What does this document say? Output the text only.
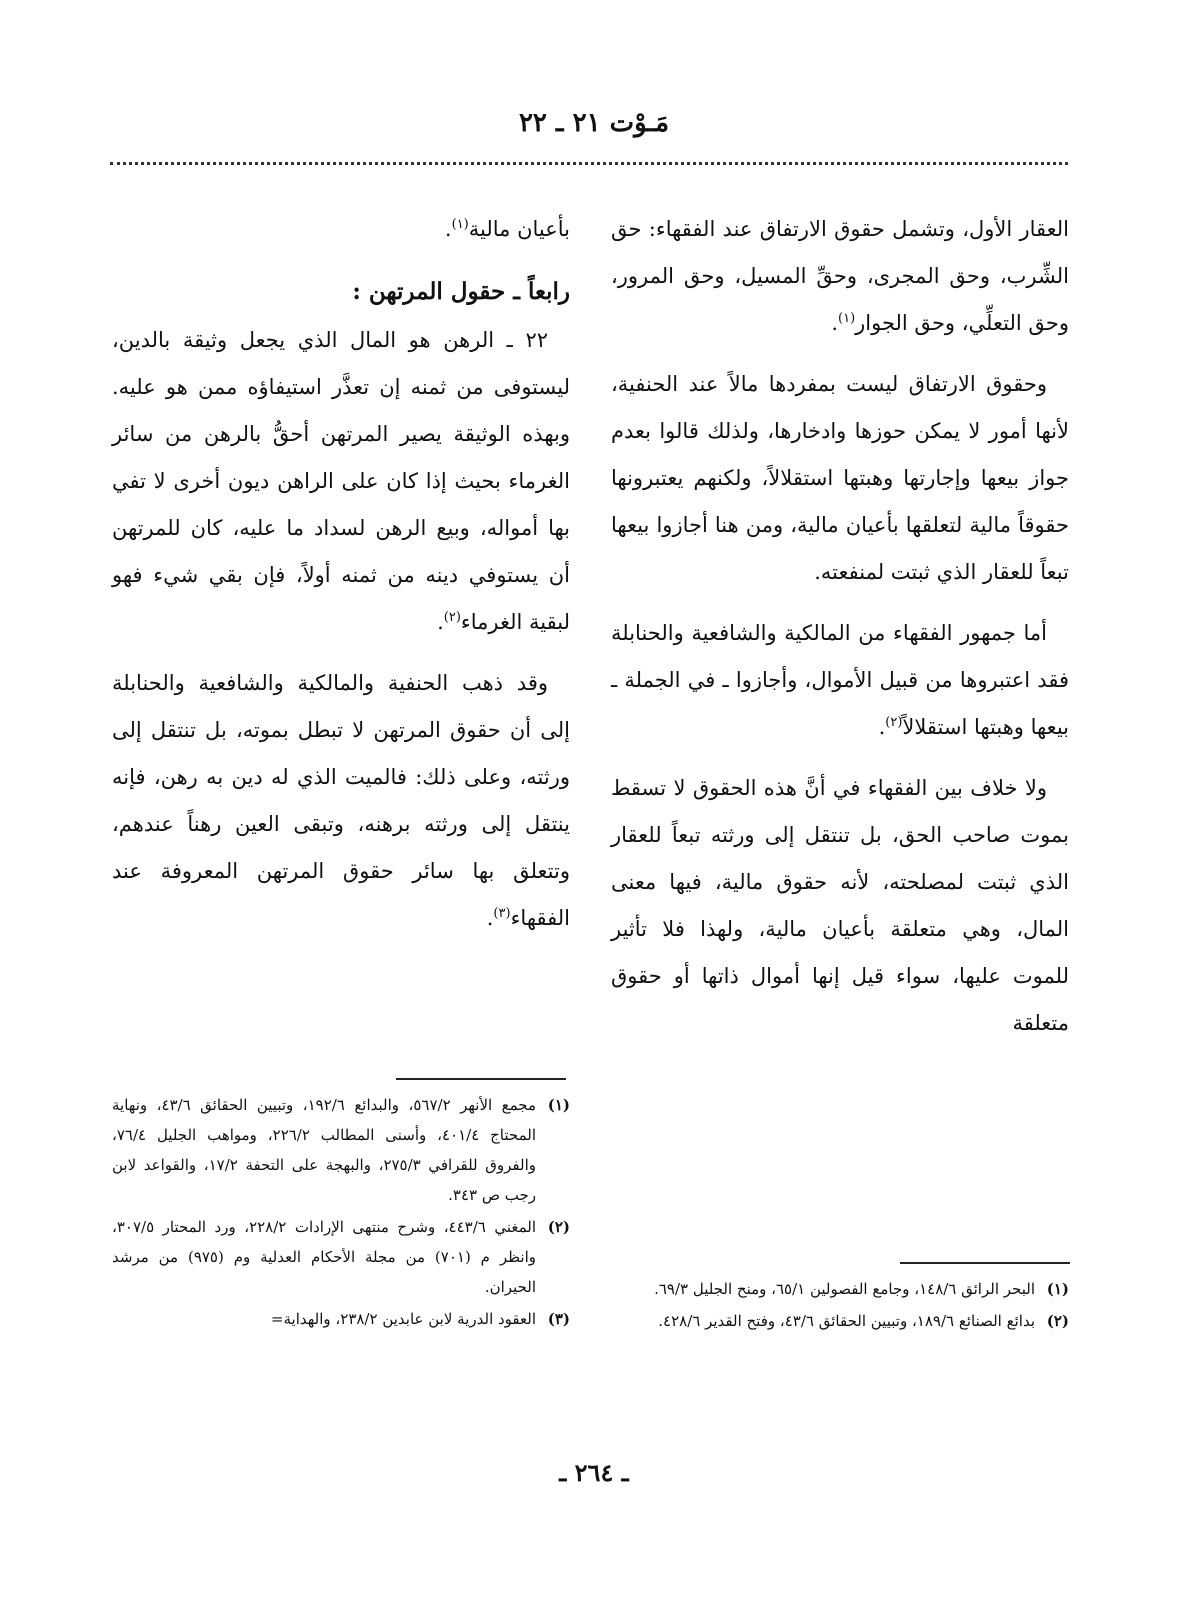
مَـوْت ٢١ ـ ٢٢

العقار الأول، وتشمل حقوق الارتفاق عند الفقهاء: حق الشِّرب، وحق المجرى، وحقِّ المسيل، وحق المرور، وحق التعلِّي، وحق الجوار$^{(١)}$.

وحقوق الارتفاق ليست بمفردها مالاً عند الحنفية، لأنها أمور لا يمكن حوزها وادخارها، ولذلك قالوا بعدم جواز بيعها وإجارتها وهبتها استقلالاً، ولكنهم يعتبرونها حقوقاً مالية لتعلقها بأعيان مالية، ومن هنا أجازوا بيعها تبعاً للعقار الذي ثبتت لمنفعته.

أما جمهور الفقهاء من المالكية والشافعية والحنابلة فقد اعتبروها من قبيل الأموال، وأجازوا ـ في الجملة ـ بيعها وهبتها استقلالاً$^{(٢)}$.

ولا خلاف بين الفقهاء في أنَّ هذه الحقوق لا تسقط بموت صاحب الحق، بل تنتقل إلى ورثته تبعاً للعقار الذي ثبتت لمصلحته، لأنه حقوق مالية، فيها معنى المال، وهي متعلقة بأعيان مالية، ولهذا فلا تأثير للموت عليها، سواء قيل إنها أموال ذاتها أو حقوق متعلقة

بأعيان مالية$^{(١)}$.

رابعاً ـ حقول المرتهن :

٢٢ ـ الرهن هو المال الذي يجعل وثيقة بالدين، ليستوفى من ثمنه إن تعذَّر استيفاؤه ممن هو عليه. وبهذه الوثيقة يصير المرتهن أحقُّ بالرهن من سائر الغرماء بحيث إذا كان على الراهن ديون أخرى لا تفي بها أمواله، وبيع الرهن لسداد ما عليه، كان للمرتهن أن يستوفي دينه من ثمنه أولاً، فإن بقي شيء فهو لبقية الغرماء$^{(٢)}$.

وقد ذهب الحنفية والمالكية والشافعية والحنابلة إلى أن حقوق المرتهن لا تبطل بموته، بل تنتقل إلى ورثته، وعلى ذلك: فالميت الذي له دين به رهن، فإنه ينتقل إلى ورثته برهنه، وتبقى العين رهناً عندهم، وتتعلق بها سائر حقوق المرتهن المعروفة عند الفقهاء$^{(٣)}$.

(١)
البحر الرائق ١٤٨/٦، وجامع الفصولين ٦٥/١، ومنح الجليل ٦٩/٣.
(٢)
بدائع الصنائع ١٨٩/٦، وتبيين الحقائق ٤٣/٦، وفتح القدير ٤٢٨/٦.
(١)
مجمع الأنهر ٥٦٧/٢، والبدائع ١٩٢/٦، وتبيين الحقائق ٤٣/٦، ونهاية المحتاج ٤٠١/٤، وأسنى المطالب ٢٢٦/٢، ومواهب الجليل ٧٦/٤، والفروق للقرافي ٢٧٥/٣، والبهجة على التحفة ١٧/٢، والقواعد لابن رجب ص ٣٤٣.
(٢)
المغني ٤٤٣/٦، وشرح منتهى الإرادات ٢٢٨/٢، ورد المحتار ٣٠٧/٥، وانظر م (٧٠١) من مجلة الأحكام العدلية وم (٩٧٥) من مرشد الحيران.
(٣)
العقود الدرية لابن عابدين ٢٣٨/٢، والهداية=
ـ ٢٦٤ ـ
